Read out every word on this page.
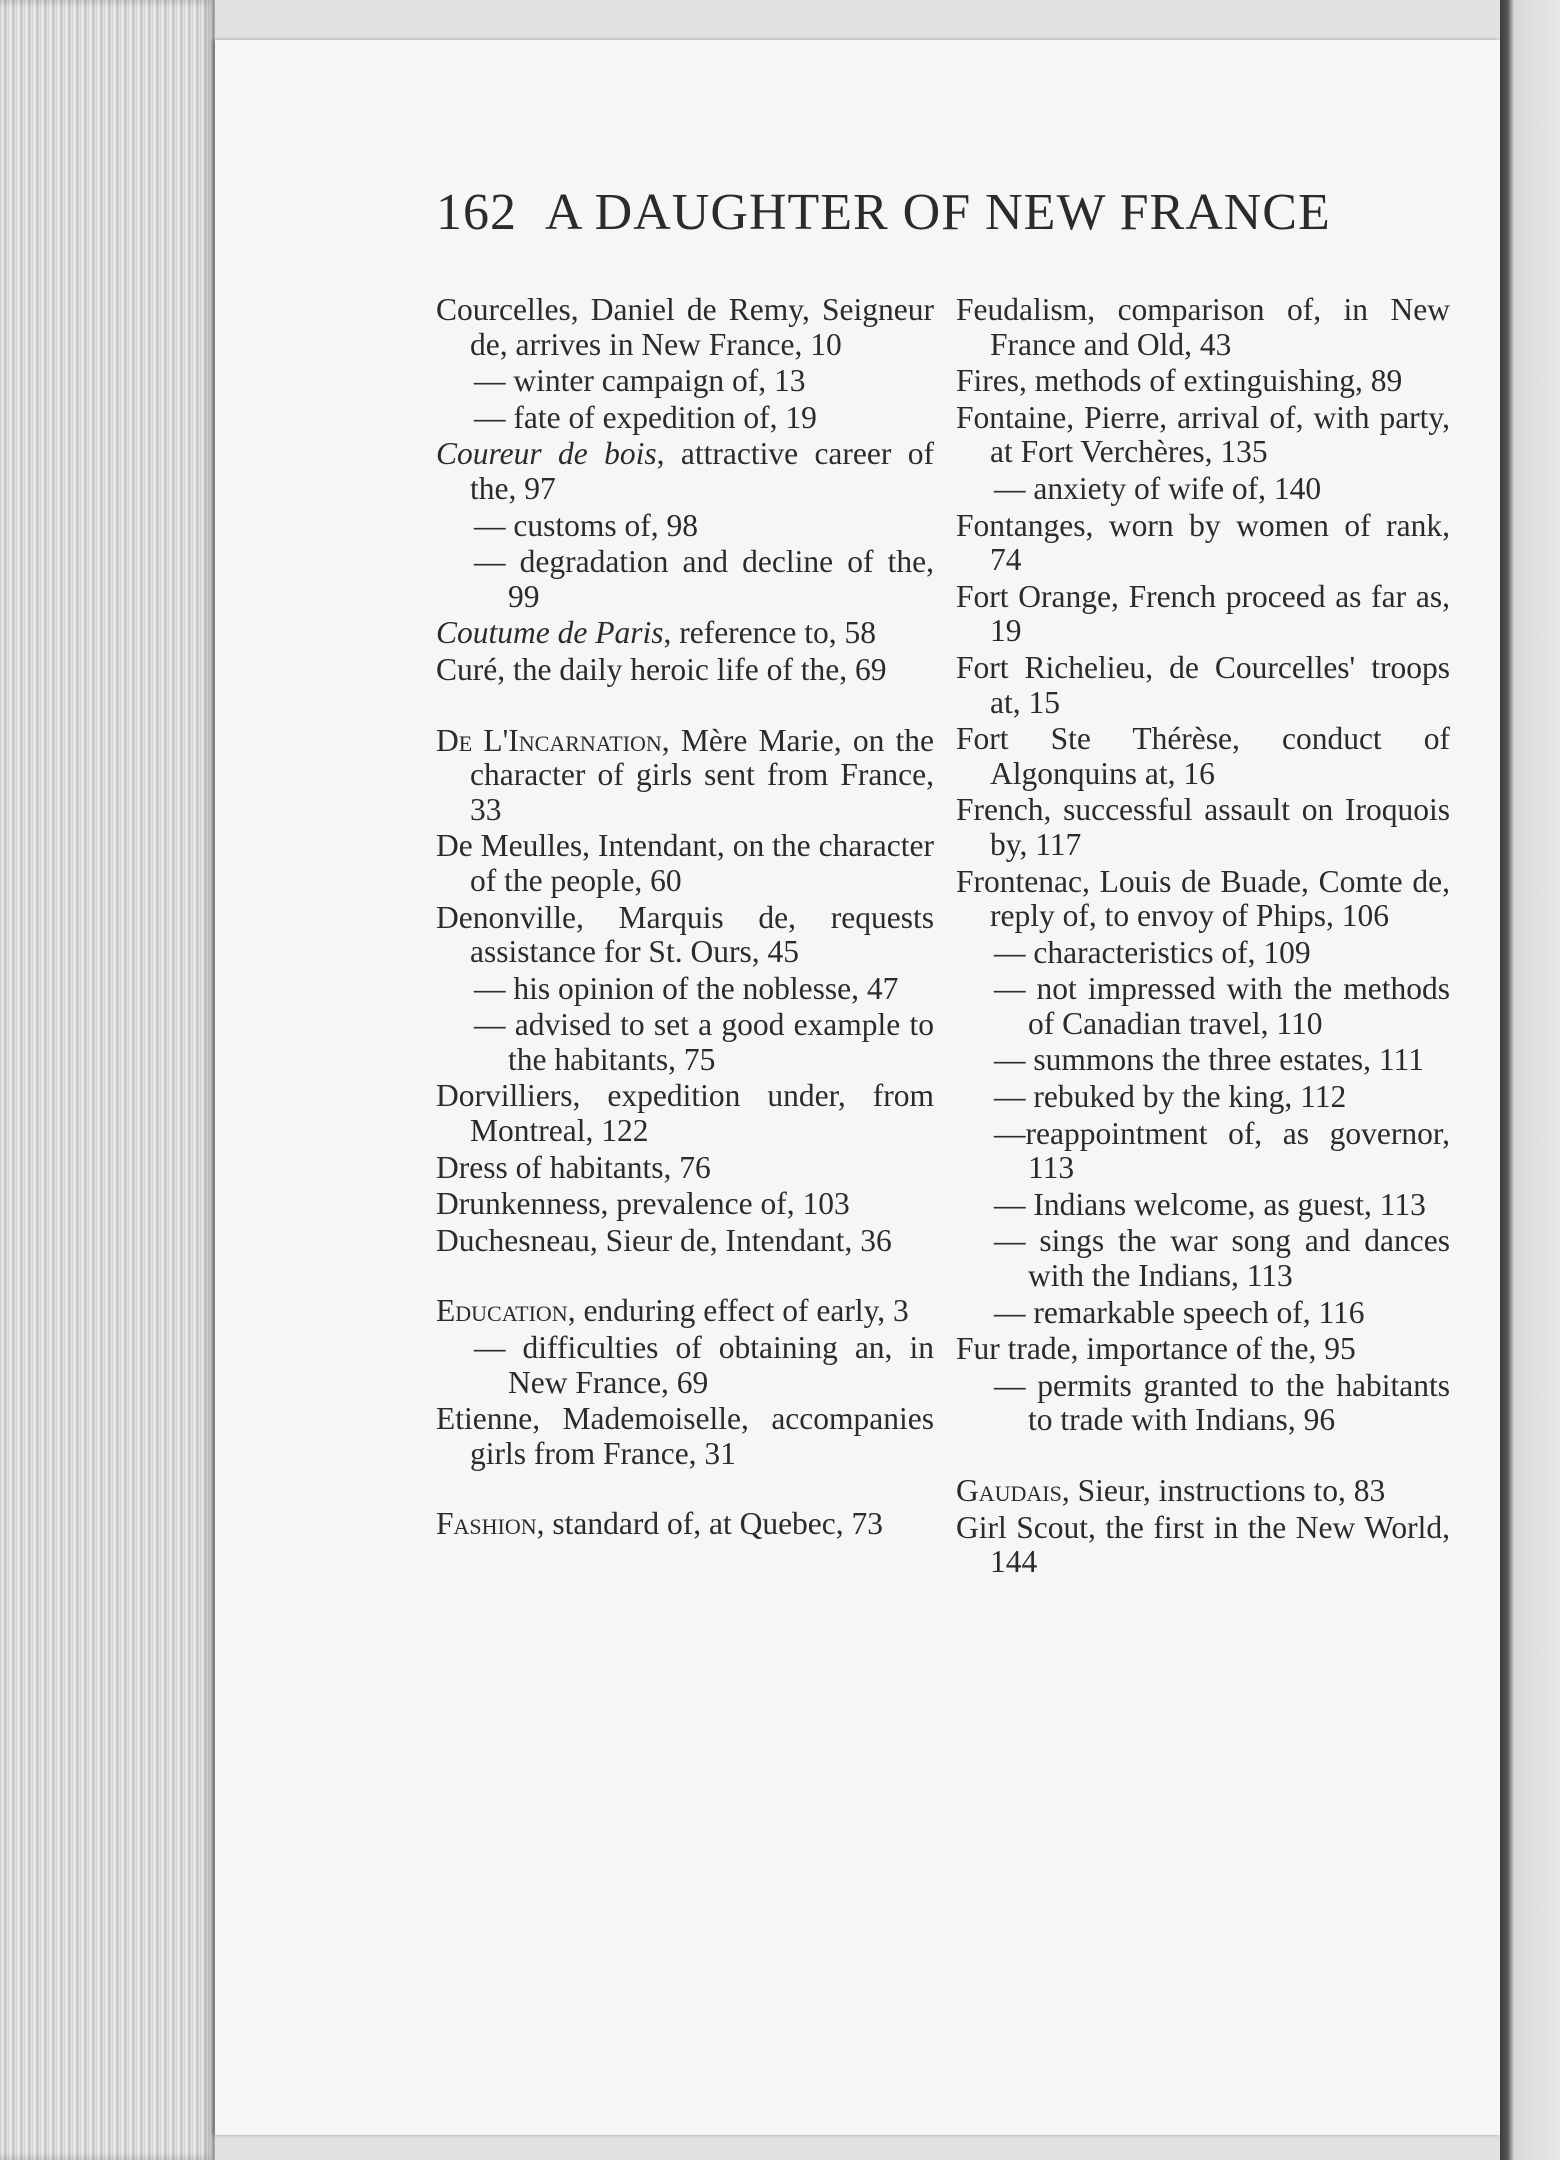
162 A DAUGHTER OF NEW FRANCE

Courcelles, Daniel de Remy, Seigneur de, arrives in New France, 10

— winter campaign of, 13

— fate of expedition of, 19

Coureur de bois, attractive career of the, 97

— customs of, 98

— degradation and decline of the, 99

Coutume de Paris, reference to, 58

Curé, the daily heroic life of the, 69

De L'Incarnation, Mère Marie, on the character of girls sent from France, 33

De Meulles, Intendant, on the character of the people, 60

Denonville, Marquis de, requests assistance for St. Ours, 45

— his opinion of the noblesse, 47

— advised to set a good example to the habitants, 75

Dorvilliers, expedition under, from Montreal, 122

Dress of habitants, 76

Drunkenness, prevalence of, 103

Duchesneau, Sieur de, Intendant, 36

Education, enduring effect of early, 3

— difficulties of obtaining an, in New France, 69

Etienne, Mademoiselle, accompanies girls from France, 31

Fashion, standard of, at Quebec, 73

Feudalism, comparison of, in New France and Old, 43

Fires, methods of extinguishing, 89

Fontaine, Pierre, arrival of, with party, at Fort Verchères, 135

— anxiety of wife of, 140

Fontanges, worn by women of rank, 74

Fort Orange, French proceed as far as, 19

Fort Richelieu, de Courcelles' troops at, 15

Fort Ste Thérèse, conduct of Algonquins at, 16

French, successful assault on Iroquois by, 117

Frontenac, Louis de Buade, Comte de, reply of, to envoy of Phips, 106

— characteristics of, 109

— not impressed with the methods of Canadian travel, 110

— summons the three estates, 111

— rebuked by the king, 112

—reappointment of, as governor, 113

— Indians welcome, as guest, 113

— sings the war song and dances with the Indians, 113

— remarkable speech of, 116

Fur trade, importance of the, 95

— permits granted to the habitants to trade with Indians, 96

Gaudais, Sieur, instructions to, 83

Girl Scout, the first in the New World, 144
